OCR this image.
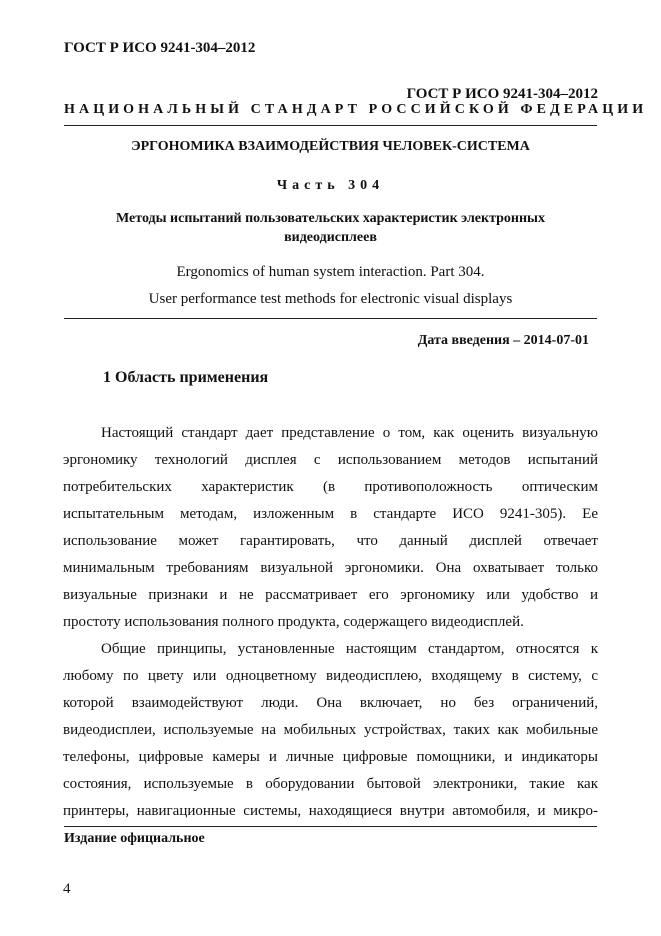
ГОСТ Р ИСО 9241-304–2012
ГОСТ Р ИСО 9241-304–2012
НАЦИОНАЛЬНЫЙ СТАНДАРТ РОССИЙСКОЙ ФЕДЕРАЦИИ
ЭРГОНОМИКА ВЗАИМОДЕЙСТВИЯ ЧЕЛОВЕК-СИСТЕМА
Часть 304
Методы испытаний пользовательских характеристик электронных
видеодисплеев
Ergonomics of human system interaction. Part 304.
User performance test methods for electronic visual displays
Дата введения – 2014-07-01
1 Область применения
Настоящий стандарт дает представление о том, как оценить визуальную
эргономику технологий дисплея с использованием методов испытаний
потребительских характеристик (в противоположность оптическим
испытательным методам, изложенным в стандарте ИСО 9241-305). Ее
использование может гарантировать, что данный дисплей отвечает
минимальным требованиям визуальной эргономики. Она охватывает только
визуальные признаки и не рассматривает его эргономику или удобство и
простоту использования полного продукта, содержащего видеодисплей.
Общие принципы, установленные настоящим стандартом, относятся к
любому по цвету или одноцветному видеодисплею, входящему в систему, с
которой взаимодействуют люди. Она включает, но без ограничений,
видеодисплеи, используемые на мобильных устройствах, таких как мобильные
телефоны, цифровые камеры и личные цифровые помощники, и индикаторы
состояния, используемые в оборудовании бытовой электроники, такие как
принтеры, навигационные системы, находящиеся внутри автомобиля, и микро-
Издание официальное
4
